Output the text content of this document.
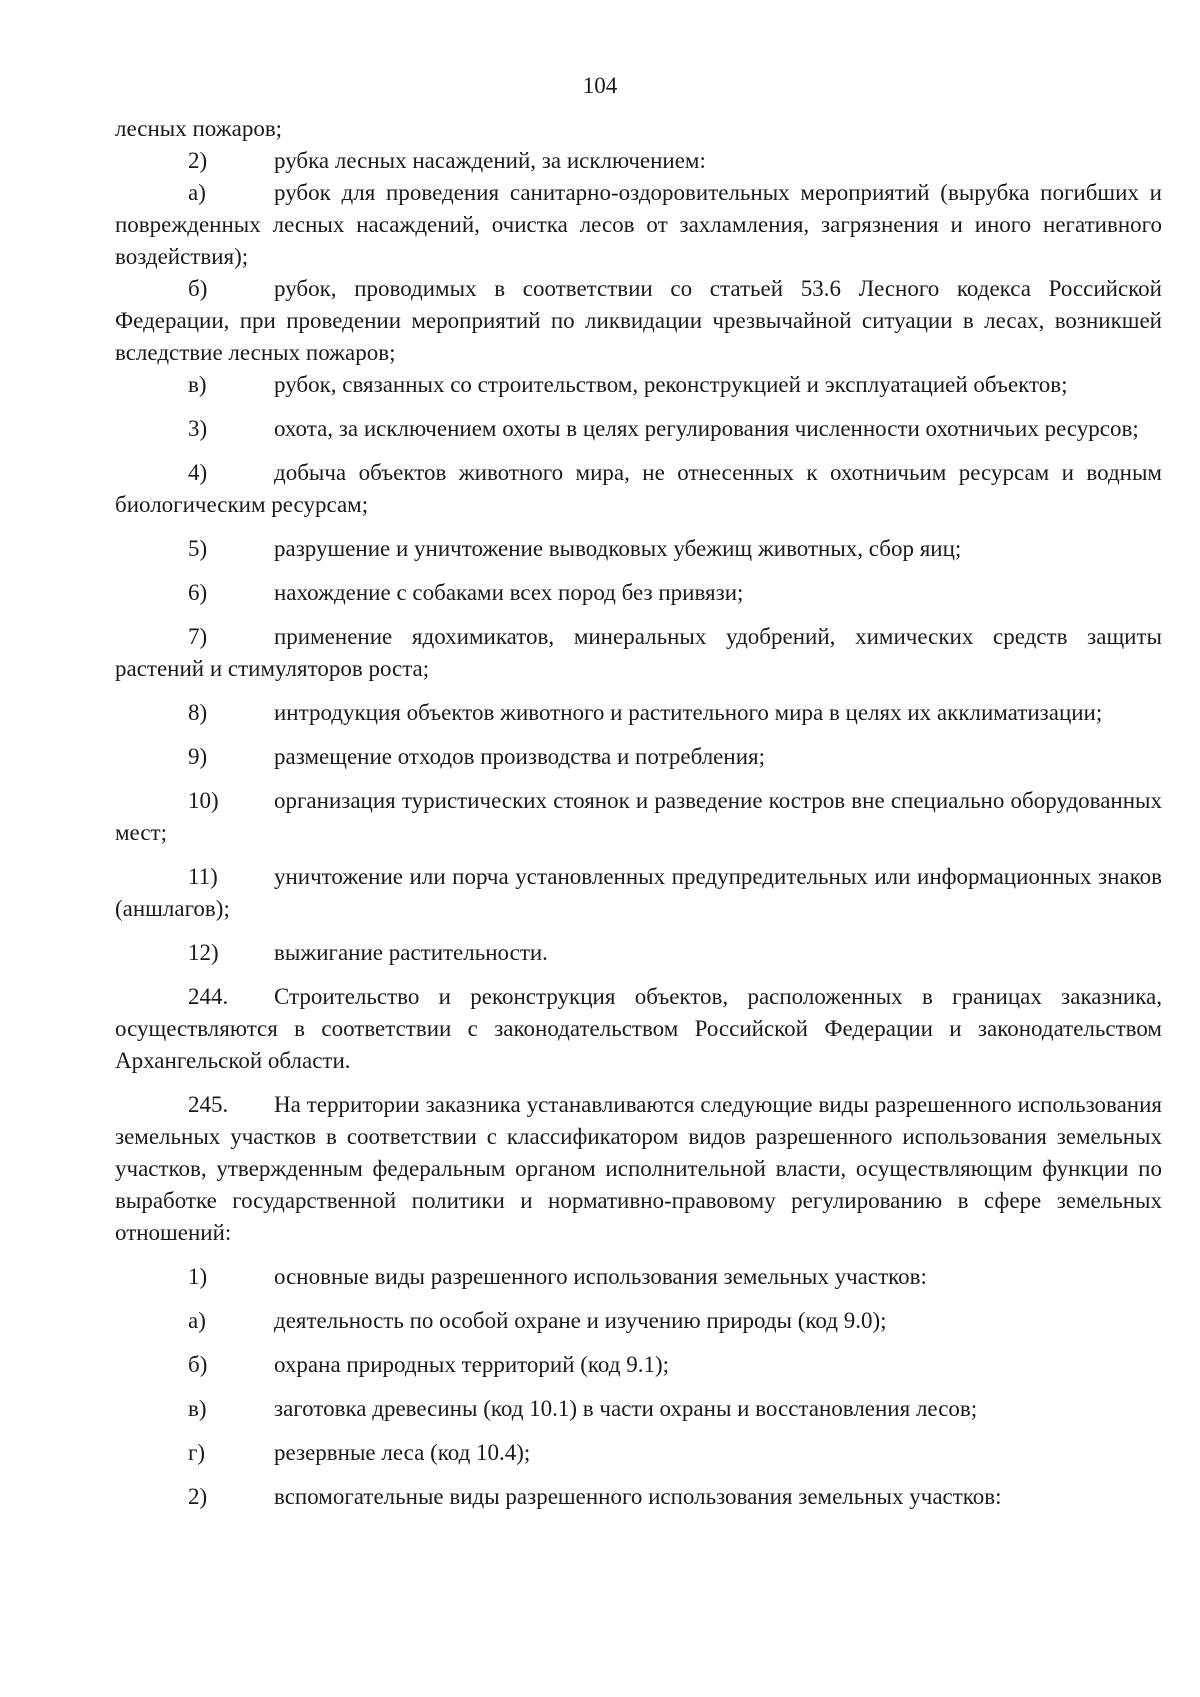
104

лесных пожаров;

2)	рубка лесных насаждений, за исключением:

а)	рубок для проведения санитарно-оздоровительных мероприятий (вырубка погибших и поврежденных лесных насаждений, очистка лесов от захламления, загрязнения и иного негативного воздействия);

б)	рубок, проводимых в соответствии со статьей 53.6 Лесного кодекса Российской Федерации, при проведении мероприятий по ликвидации чрезвычайной ситуации в лесах, возникшей вследствие лесных пожаров;

в)	рубок, связанных со строительством, реконструкцией и эксплуатацией объектов;

3)	охота, за исключением охоты в целях регулирования численности охотничьих ресурсов;

4)	добыча объектов животного мира, не отнесенных к охотничьим ресурсам и водным биологическим ресурсам;

5)	разрушение и уничтожение выводковых убежищ животных, сбор яиц;

6)	нахождение с собаками всех пород без привязи;

7)	применение ядохимикатов, минеральных удобрений, химических средств защиты растений и стимуляторов роста;

8)	интродукция объектов животного и растительного мира в целях их акклиматизации;

9)	размещение отходов производства и потребления;

10) организация туристических стоянок и разведение костров вне специально оборудованных мест;

11) уничтожение или порча установленных предупредительных или информационных знаков (аншлагов);

12) выжигание растительности.

244. Строительство и реконструкция объектов, расположенных в границах заказника, осуществляются в соответствии с законодательством Российской Федерации и законодательством Архангельской области.

245. На территории заказника устанавливаются следующие виды разрешенного использования земельных участков в соответствии с классификатором видов разрешенного использования земельных участков, утвержденным федеральным органом исполнительной власти, осуществляющим функции по выработке государственной политики и нормативно-правовому регулированию в сфере земельных отношений:

1)	основные виды разрешенного использования земельных участков:

а)	деятельность по особой охране и изучению природы (код 9.0);

б)	охрана природных территорий (код 9.1);

в)	заготовка древесины (код 10.1) в части охраны и восстановления лесов;

г)	резервные леса (код 10.4);

2)	вспомогательные виды разрешенного использования земельных участков:
